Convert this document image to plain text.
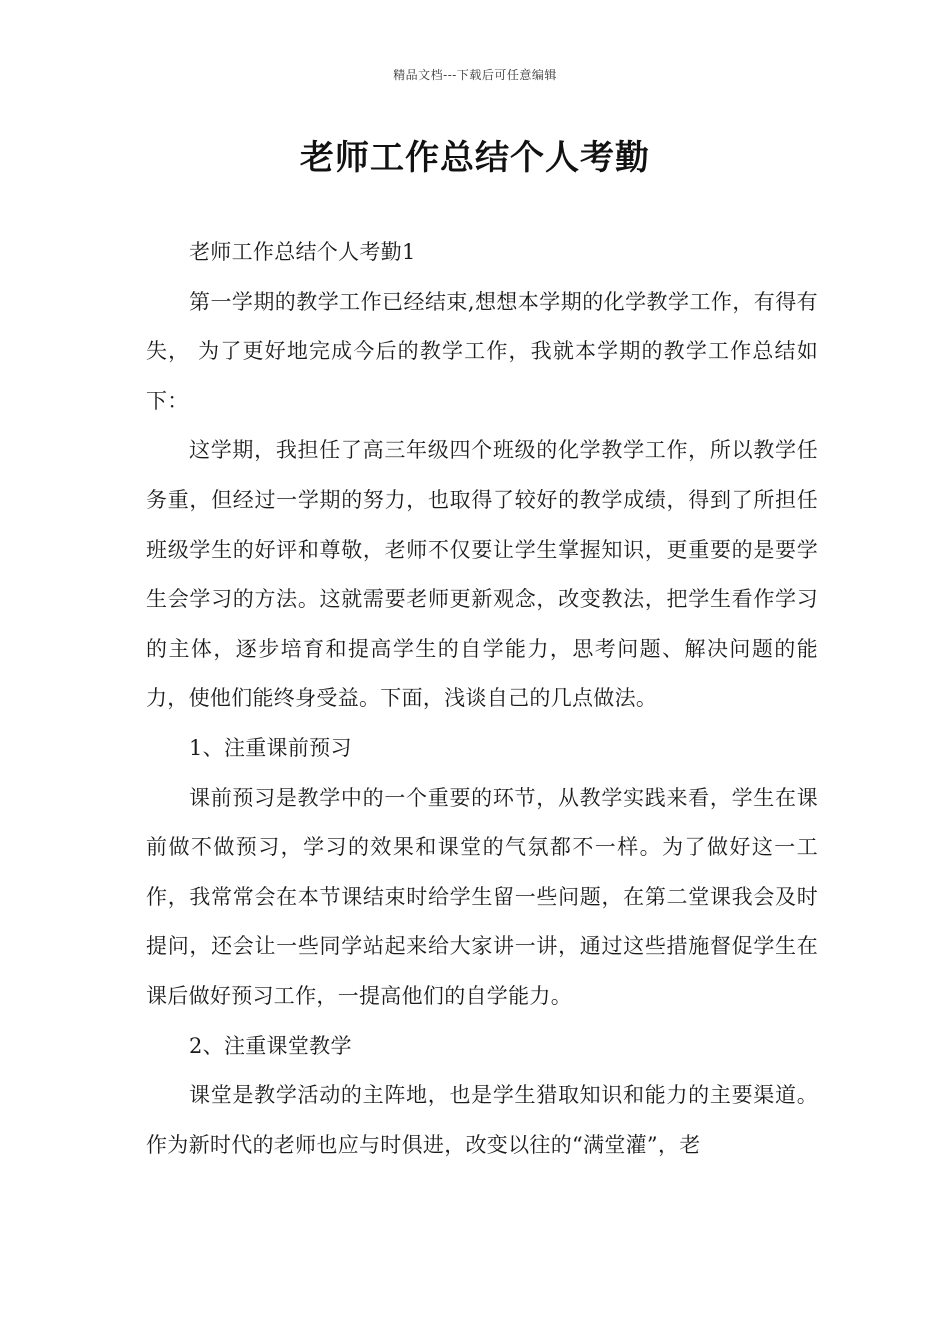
精品文档---下载后可任意编辑
老师工作总结个人考勤

老师工作总结个人考勤1

第一学期的教学工作已经结束,想想本学期的化学教学工作，有得有失， 为了更好地完成今后的教学工作，我就本学期的教学工作总结如下：

这学期，我担任了高三年级四个班级的化学教学工作，所以教学任务重，但经过一学期的努力，也取得了较好的教学成绩，得到了所担任班级学生的好评和尊敬，老师不仅要让学生掌握知识，更重要的是要学生会学习的方法。这就需要老师更新观念，改变教法，把学生看作学习的主体，逐步培育和提高学生的自学能力，思考问题、解决问题的能力，使他们能终身受益。下面，浅谈自己的几点做法。

1、注重课前预习

课前预习是教学中的一个重要的环节，从教学实践来看，学生在课前做不做预习，学习的效果和课堂的气氛都不一样。为了做好这一工作，我常常会在本节课结束时给学生留一些问题，在第二堂课我会及时提问，还会让一些同学站起来给大家讲一讲，通过这些措施督促学生在课后做好预习工作，一提高他们的自学能力。

2、注重课堂教学

课堂是教学活动的主阵地，也是学生猎取知识和能力的主要渠道。作为新时代的老师也应与时俱进，改变以往的“满堂灌”，老
